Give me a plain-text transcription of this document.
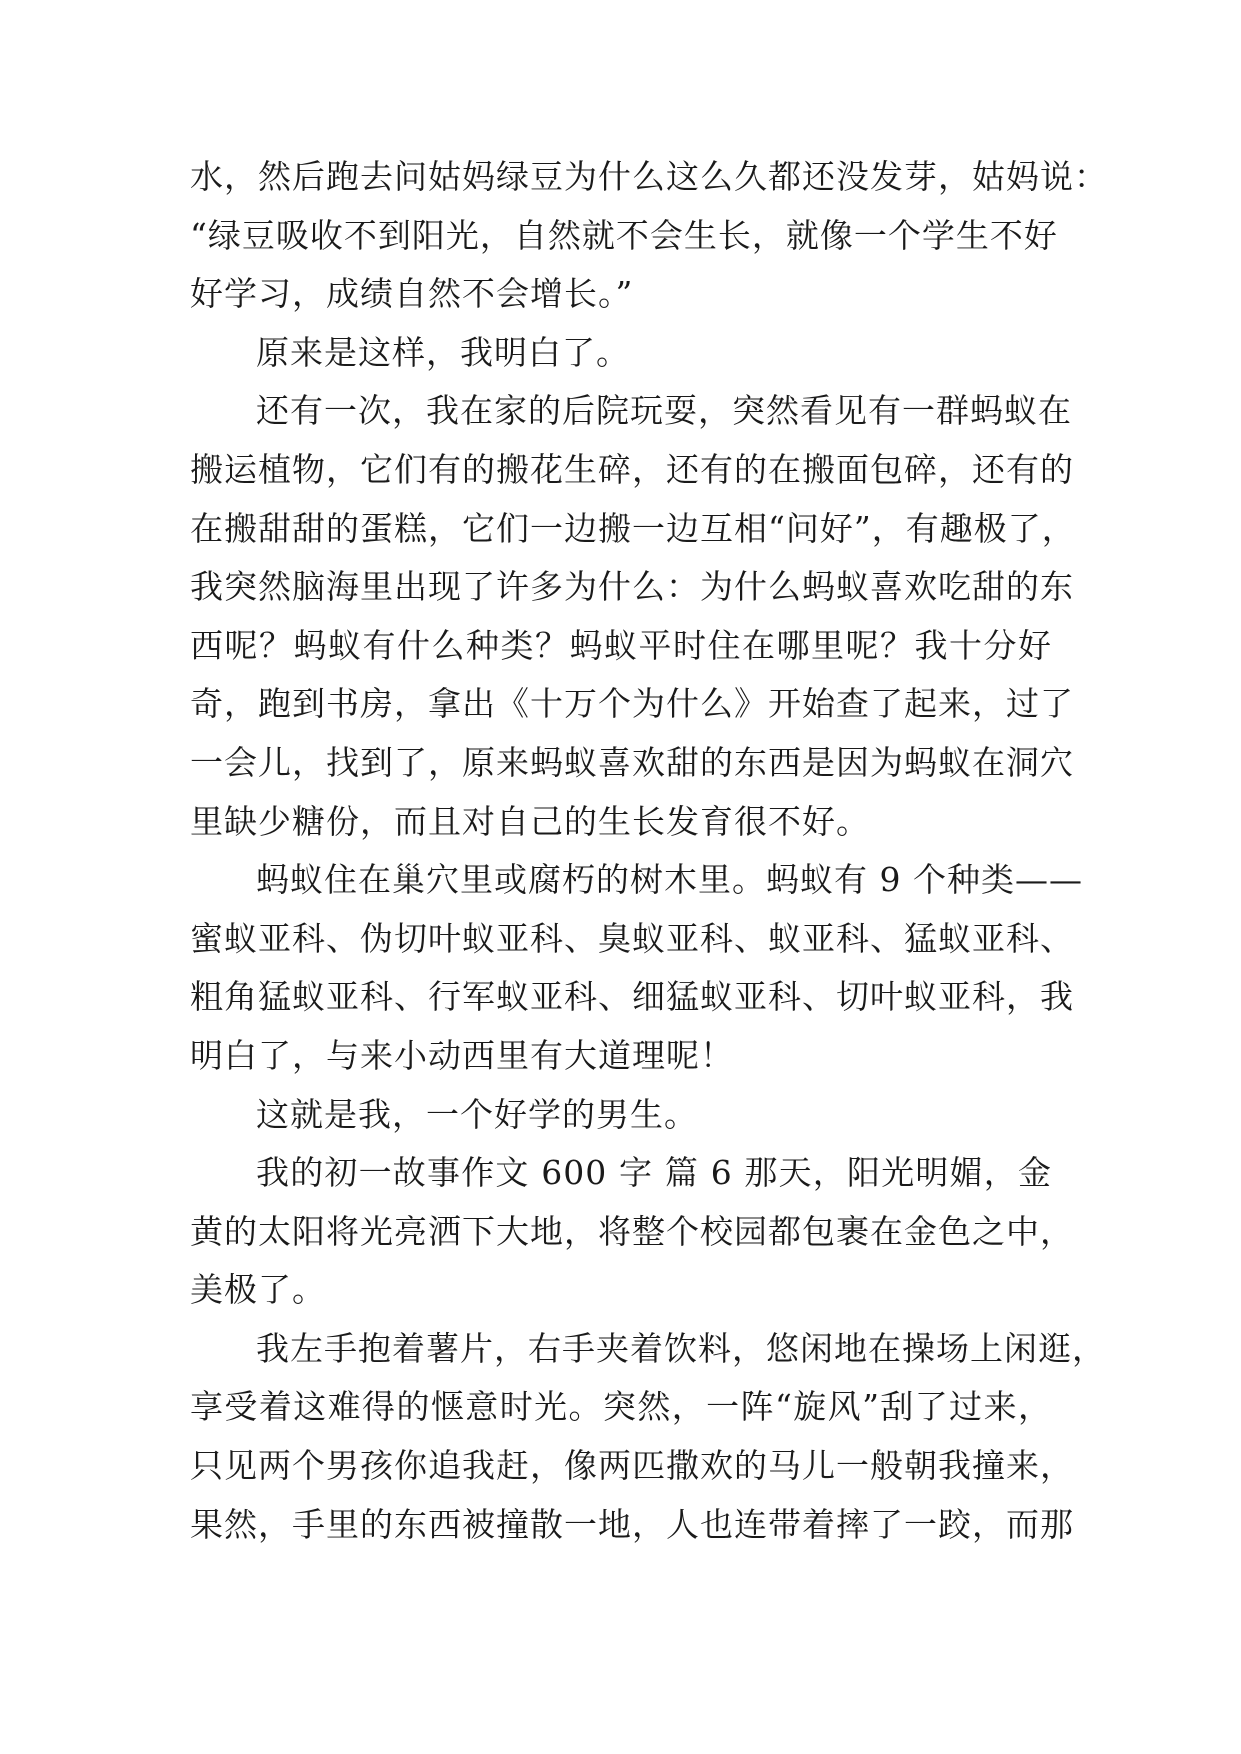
水，然后跑去问姑妈绿豆为什么这么久都还没发芽，姑妈说：
“绿豆吸收不到阳光，自然就不会生长，就像一个学生不好
好学习，成绩自然不会增长。”
原来是这样，我明白了。
还有一次，我在家的后院玩耍，突然看见有一群蚂蚁在
搬运植物，它们有的搬花生碎，还有的在搬面包碎，还有的
在搬甜甜的蛋糕，它们一边搬一边互相“问好”，有趣极了，
我突然脑海里出现了许多为什么：为什么蚂蚁喜欢吃甜的东
西呢？蚂蚁有什么种类？蚂蚁平时住在哪里呢？我十分好
奇，跑到书房，拿出《十万个为什么》开始查了起来，过了
一会儿，找到了，原来蚂蚁喜欢甜的东西是因为蚂蚁在洞穴
里缺少糖份，而且对自己的生长发育很不好。
蚂蚁住在巢穴里或腐朽的树木里。蚂蚁有 9 个种类——
蜜蚁亚科、伪切叶蚁亚科、臭蚁亚科、蚁亚科、猛蚁亚科、
粗角猛蚁亚科、行军蚁亚科、细猛蚁亚科、切叶蚁亚科，我
明白了，与来小动西里有大道理呢！
这就是我，一个好学的男生。
我的初一故事作文 600 字 篇 6 那天，阳光明媚，金
黄的太阳将光亮洒下大地，将整个校园都包裹在金色之中，
美极了。
我左手抱着薯片，右手夹着饮料，悠闲地在操场上闲逛，
享受着这难得的惬意时光。突然，一阵“旋风”刮了过来，
只见两个男孩你追我赶，像两匹撒欢的马儿一般朝我撞来，
果然，手里的东西被撞散一地，人也连带着摔了一跤，而那
